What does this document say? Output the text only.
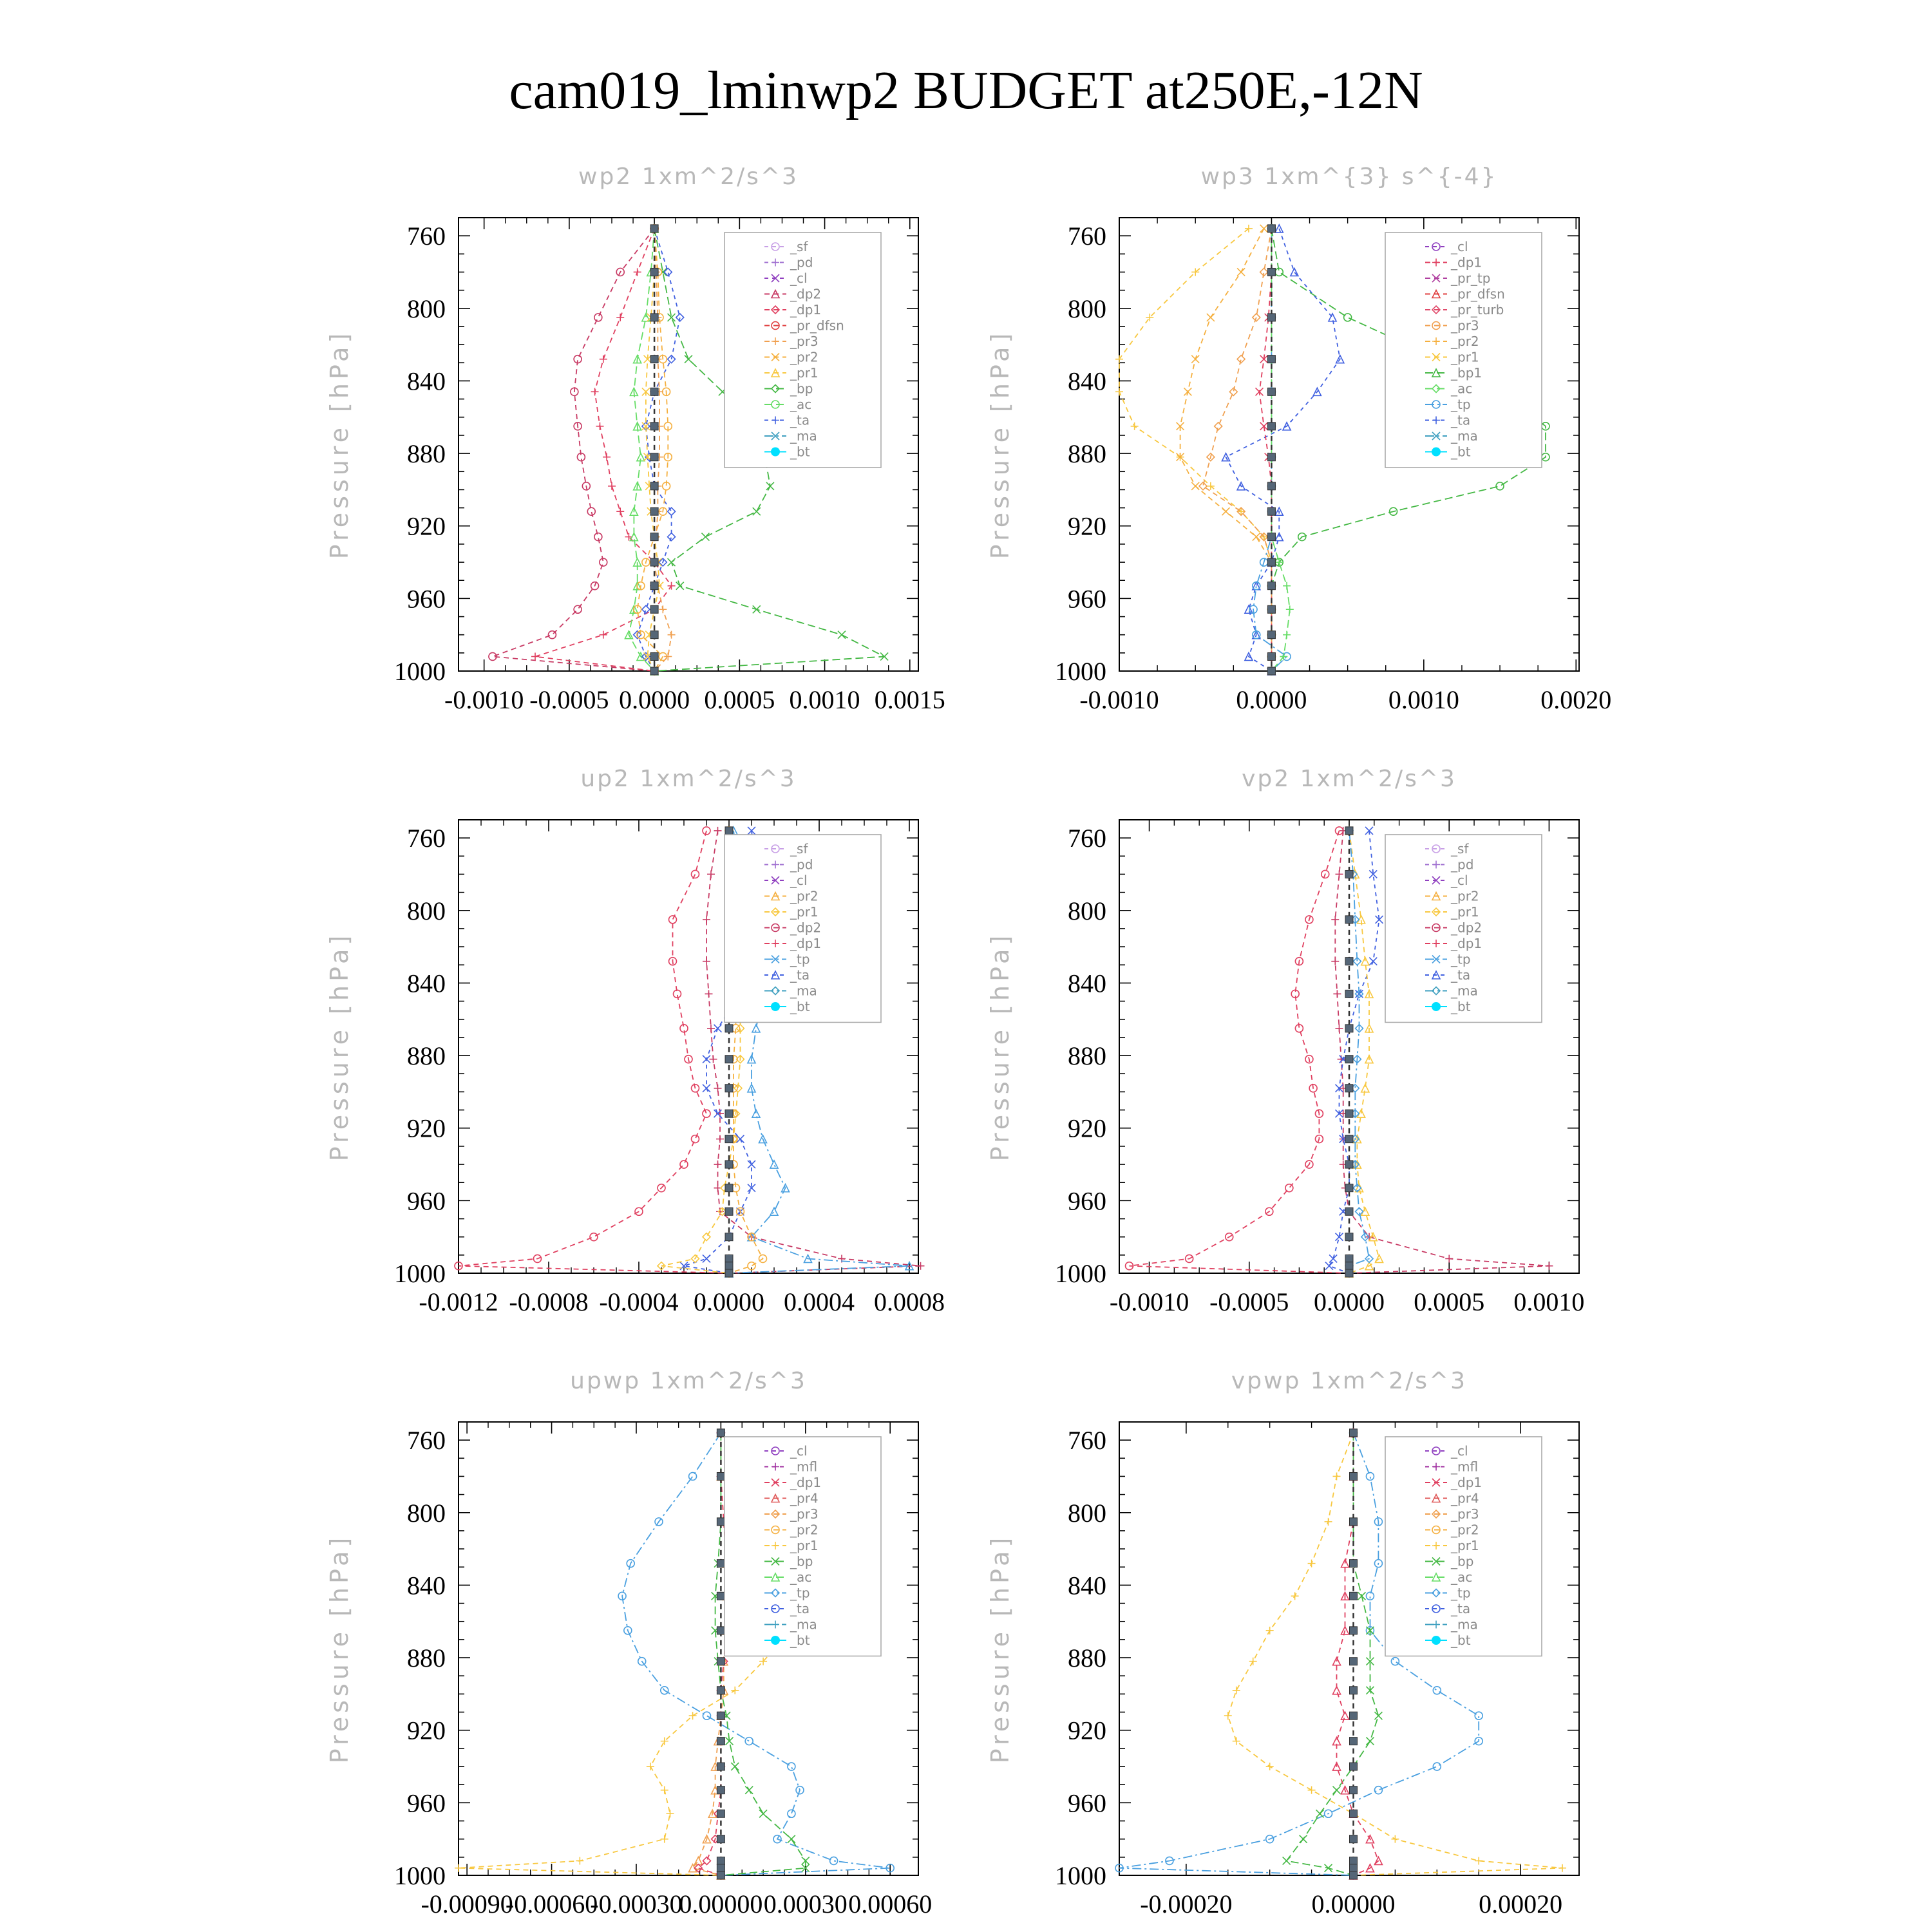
cam019_lminwp2 BUDGET at250E,-12N
wp2 1xm^2/s^3
Pressure [hPa]
760
800
840
880
920
960
1000
-0.0010 -0.0005 0.0000 0.0005 0.0010 0.0015
_sf
_pd
_cl
_dp2
_dp1
_pr_dfsn
_pr3
_pr2
_pr1
_bp
_ac
_ta
_ma
_bt
wp3 1xm^{3} s^{-4}
Pressure [hPa]
760
800
840
880
920
960
1000
-0.0010	0.0000	0.0010	0.0020
_cl
_dp1
_pr_tp
_pr_dfsn
_pr_turb
_pr3
_pr2
_pr1
_bp1
_ac
_tp
_ta
_ma
_bt
up2 1xm^2/s^3
Pressure [hPa]
760
800
840
880
920
960
1000
-0.0012 -0.0008 -0.0004 0.0000 0.0004 0.0008
_sf
_pd
_cl
_pr2
_pr1
_dp2
_dp1
_tp
_ta
_ma
_bt
vp2 1xm^2/s^3
Pressure [hPa]
760
800
840
880
920
960
1000
-0.0010 -0.0005 0.0000 0.0005 0.0010
_sf
_pd
_cl
_pr2
_pr1
_dp2
_dp1
_tp
_ta
_ma
_bt
upwp 1xm^2/s^3
Pressure [hPa]
760
800
840
880
920
960
1000
-0.00090
-0.00060
-0.00030
0.00000 0.00030 0.00060
_cl
_mfl
_dp1
_pr4
_pr3
_pr2
_pr1
_bp
_ac
_tp
_ta
_ma
_bt
vpwp 1xm^2/s^3
Pressure [hPa]
760
800
840
880
920
960
1000
-0.00020	0.00000	0.00020
_cl
_mfl
_dp1
_pr4
_pr3
_pr2
_pr1
_bp
_ac
_tp
_ta
_ma
_bt
